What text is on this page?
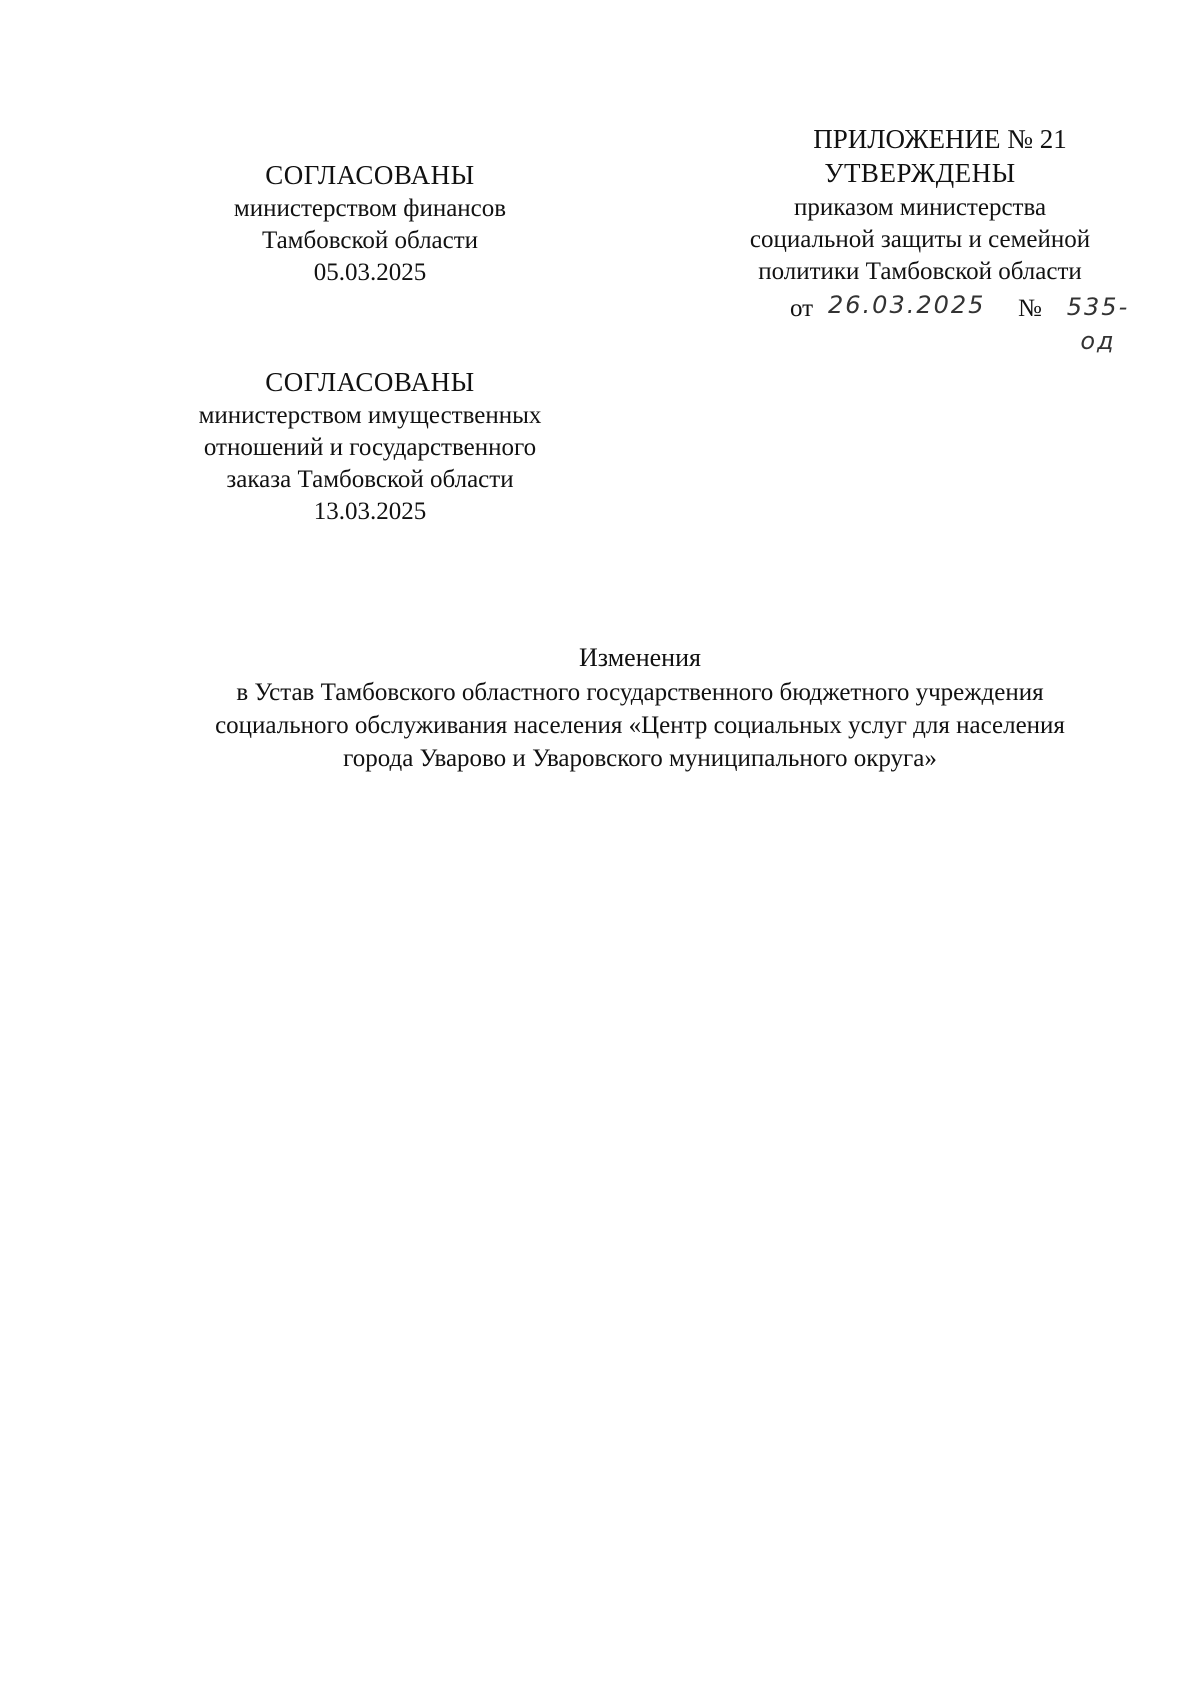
СОГЛАСОВАНЫ
министерством финансов
Тамбовской области
05.03.2025
СОГЛАСОВАНЫ
министерством имущественных
отношений и государственного
заказа Тамбовской области
13.03.2025
ПРИЛОЖЕНИЕ № 21
УТВЕРЖДЕНЫ
приказом министерства
социальной защиты и семейной
политики Тамбовской области
от 26.03.2025 №	535-од
Изменения
в Устав Тамбовского областного государственного бюджетного учреждения
социального обслуживания населения «Центр социальных услуг для населения
города Уварово и Уваровского муниципального округа»
